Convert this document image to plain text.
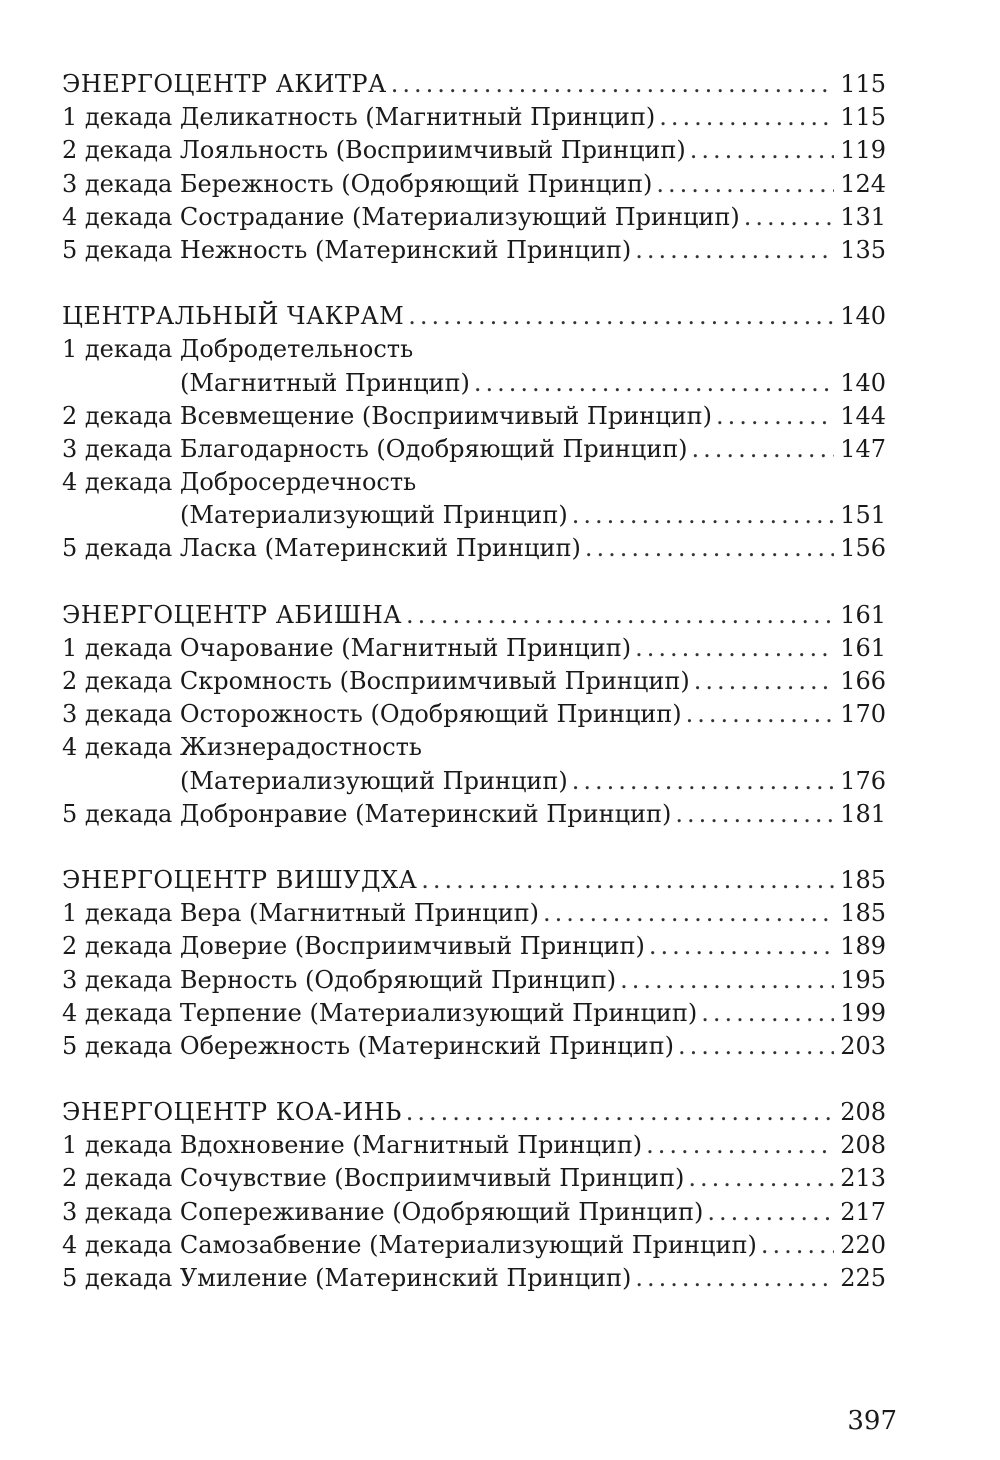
ЭНЕРГОЦЕНТР АКИТРА .....	115
1 декада Деликатность (Магнитный Принцип) .....	115
2 декада Лояльность (Восприимчивый Принцип) .....	119
3 декада Бережность (Одобряющий Принцип) .....	124
4 декада Сострадание (Материализующий Принцип) .....	131
5 декада Нежность (Материнский Принцип) .....	135
ЦЕНТРАЛЬНЫЙ ЧАКРАМ .....	140
1 декада Добродетельность
(Магнитный Принцип) .....	140
2 декада Всевмещение (Восприимчивый Принцип) .....	144
3 декада Благодарность (Одобряющий Принцип) .....	147
4 декада Добросердечность
(Материализующий Принцип) .....	151
5 декада Ласка (Материнский Принцип) .....	156
ЭНЕРГОЦЕНТР АБИШНА .....	161
1 декада Очарование (Магнитный Принцип) .....	161
2 декада Скромность (Восприимчивый Принцип) .....	166
3 декада Осторожность (Одобряющий Принцип) .....	170
4 декада Жизнерадостность
(Материализующий Принцип) .....	176
5 декада Добронравие (Материнский Принцип) .....	181
ЭНЕРГОЦЕНТР ВИШУДХА .....	185
1 декада Вера (Магнитный Принцип) .....	185
2 декада Доверие (Восприимчивый Принцип) .....	189
3 декада Верность (Одобряющий Принцип) .....	195
4 декада Терпение (Материализующий Принцип) .....	199
5 декада Обережность (Материнский Принцип) .....	203
ЭНЕРГОЦЕНТР КОА-ИНЬ .....	208
1 декада Вдохновение (Магнитный Принцип) .....	208
2 декада Сочувствие (Восприимчивый Принцип) .....	213
3 декада Сопереживание (Одобряющий Принцип) .....	217
4 декада Самозабвение (Материализующий Принцип) .....	220
5 декада Умиление (Материнский Принцип) .....	225
397
